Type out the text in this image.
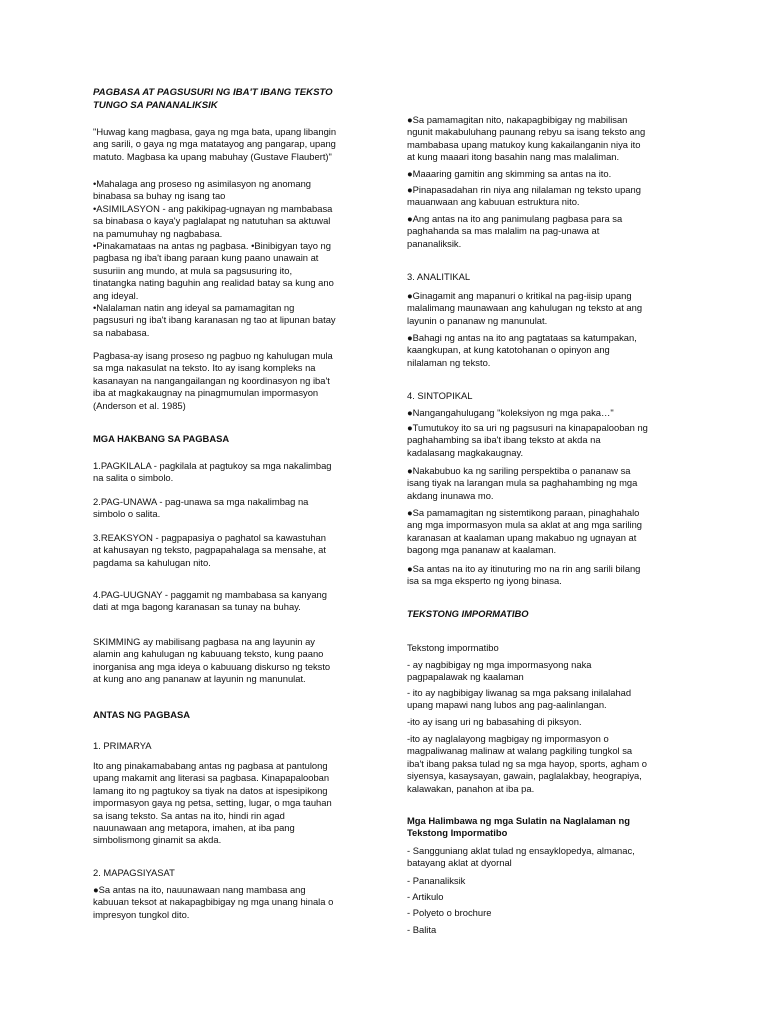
PAGBASA AT PAGSUSURI NG IBA'T IBANG TEKSTO
TUNGO SA PANANALIKSIK
"Huwag kang magbasa, gaya ng mga bata, upang libangin
ang sarili, o gaya ng mga matatayog ang pangarap, upang
matuto. Magbasa ka upang mabuhay (Gustave Flaubert)"
•Mahalaga ang proseso ng asimilasyon ng anomang
binabasa sa buhay ng isang tao
•ASIMILASYON - ang pakikipag-ugnayan ng mambabasa
sa binabasa o kaya'y paglalapat ng natutuhan sa aktuwal
na pamumuhay ng nagbabasa.
•Pinakamataas na antas ng pagbasa. •Binibigyan tayo ng
pagbasa ng iba't ibang paraan kung paano unawain at
susuriin ang mundo, at mula sa pagsusuring ito,
tinatangka nating baguhin ang realidad batay sa kung ano
ang ideyal.
•Nalalaman natin ang ideyal sa pamamagitan ng
pagsusuri ng iba't ibang karanasan ng tao at lipunan batay
sa nababasa.
Pagbasa-ay isang proseso ng pagbuo ng kahulugan mula
sa mga nakasulat na teksto. Ito ay isang kompleks na
kasanayan na nangangailangan ng koordinasyon ng iba't
iba at magkakaugnay na pinagmumulan impormasyon
(Anderson et al. 1985)
MGA HAKBANG SA PAGBASA
1.PAGKILALA - pagkilala at pagtukoy sa mga nakalimbag
na salita o simbolo.
2.PAG-UNAWA - pag-unawa sa mga nakalimbag na
simbolo o salita.
3.REAKSYON - pagpapasiya o paghatol sa kawastuhan
at kahusayan ng teksto, pagpapahalaga sa mensahe, at
pagdama sa kahulugan nito.
4.PAG-UUGNAY - paggamit ng mambabasa sa kanyang
dati at mga bagong karanasan sa tunay na buhay.
SKIMMING ay mabilisang pagbasa na ang layunin ay
alamin ang kahulugan ng kabuuang teksto, kung paano
inorganisa ang mga ideya o kabuuang diskurso ng teksto
at kung ano ang pananaw at layunin ng manunulat.
ANTAS NG PAGBASA
1. PRIMARYA
Ito ang pinakamababang antas ng pagbasa at pantulong
upang makamit ang literasi sa pagbasa. Kinapapalooban
lamang ito ng pagtukoy sa tiyak na datos at ispesipikong
impormasyon gaya ng petsa, setting, lugar, o mga tauhan
sa isang teksto. Sa antas na ito, hindi rin agad
nauunawaan ang metapora, imahen, at iba pang
simbolismong ginamit sa akda.
2. MAPAGSIYASAT
●Sa antas na ito, nauunawaan nang mambasa ang
kabuuan teksot at nakapagbibigay ng mga unang hinala o
impresyon tungkol dito.
●Sa pamamagitan nito, nakapagbibigay ng mabilisan
ngunit makabuluhang paunang rebyu sa isang teksto ang
mambabasa upang matukoy kung kakailanganin niya ito
at kung maaari itong basahin nang mas malaliman.
●Maaaring gamitin ang skimming sa antas na ito.
●Pinapasadahan rin niya ang nilalaman ng teksto upang
mauanwaan ang kabuuan estruktura nito.
●Ang antas na ito ang panimulang pagbasa para sa
paghahanda sa mas malalim na pag-unawa at
pananaliksik.
3. ANALITIKAL
●Ginagamit ang mapanuri o kritikal na pag-iisip upang
malalimang maunawaan ang kahulugan ng teksto at ang
layunin o pananaw ng manunulat.
●Bahagi ng antas na ito ang pagtataas sa katumpakan,
kaangkupan, at kung katotohanan o opinyon ang
nilalaman ng teksto.
4. SINTOPIKAL
●Nangangahulugang "koleksiyon ng mga paka…"
●Tumutukoy ito sa uri ng pagsusuri na kinapapalooban ng
paghahambing sa iba't ibang teksto at akda na
kadalasang magkakaugnay.
●Nakabubuo ka ng sariling perspektiba o pananaw sa
isang tiyak na larangan mula sa paghahambing ng mga
akdang inunawa mo.
●Sa pamamagitan ng sistemtikong paraan, pinaghahalo
ang mga impormasyon mula sa aklat at ang mga sariling
karanasan at kaalaman upang makabuo ng ugnayan at
bagong mga pananaw at kaalaman.
●Sa antas na ito ay itinuturing mo na rin ang sarili bilang
isa sa mga eksperto ng iyong binasa.
TEKSTONG IMPORMATIBO
Tekstong impormatibo
- ay nagbibigay ng mga impormasyong naka
pagpapalawak ng kaalaman
- ito ay nagbibigay liwanag sa mga paksang inilalahad
upang mapawi nang lubos ang pag-aalinlangan.
-ito ay isang uri ng babasahing di piksyon.
-ito ay naglalayong magbigay ng impormasyon o
magpaliwanag malinaw at walang pagkiling tungkol sa
iba't ibang paksa tulad ng sa mga hayop, sports, agham o
siyensya, kasaysayan, gawain, paglalakbay, heograpiya,
kalawakan, panahon at iba pa.
Mga Halimbawa ng mga Sulatin na Naglalaman ng
Tekstong Impormatibo
- Sangguniang aklat tulad ng ensayklopedya, almanac,
batayang aklat at dyornal
- Pananaliksik
- Artikulo
- Polyeto o brochure
- Balita
